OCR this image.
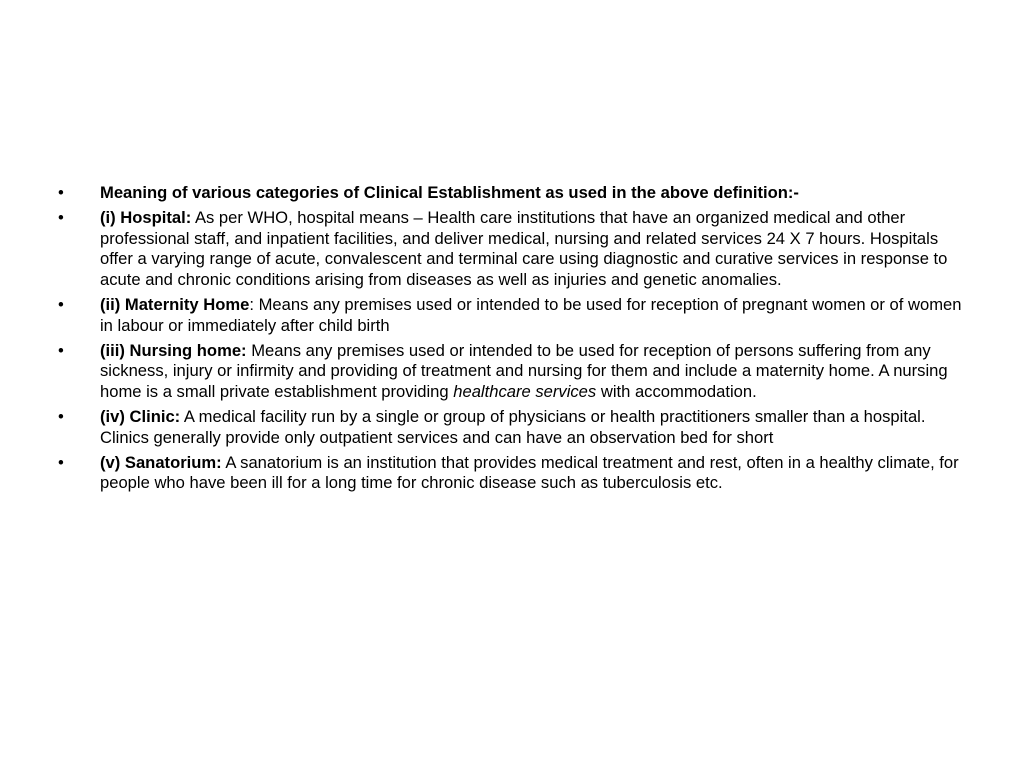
•	Meaning of various categories of Clinical Establishment as used in the above definition:-
•	(i) Hospital: As per WHO, hospital means – Health care institutions that have an organized medical and other professional staff, and inpatient facilities, and deliver medical, nursing and related services 24 X 7 hours. Hospitals offer a varying range of acute, convalescent and terminal care using diagnostic and curative services in response to acute and chronic conditions arising from diseases as well as injuries and genetic anomalies.
•	(ii) Maternity Home: Means any premises used or intended to be used for reception of pregnant women or of women in labour or immediately after child birth
•	(iii) Nursing home: Means any premises used or intended to be used for reception of persons suffering from any sickness, injury or infirmity and providing of treatment and nursing for them and include a maternity home. A nursing home is a small private establishment providing healthcare services with accommodation.
•	(iv) Clinic: A medical facility run by a single or group of physicians or health practitioners smaller than a hospital. Clinics generally provide only outpatient services and can have an observation bed for short
•	(v) Sanatorium: A sanatorium is an institution that provides medical treatment and rest, often in a healthy climate, for people who have been ill for a long time for chronic disease such as tuberculosis etc.
